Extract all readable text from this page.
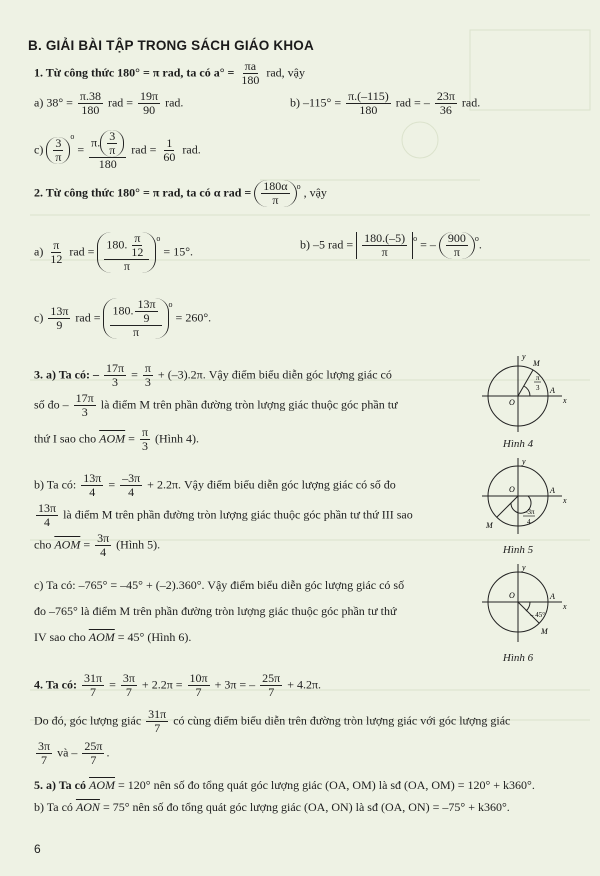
B. GIẢI BÀI TẬP TRONG SÁCH GIÁO KHOA
1. Từ công thức 180° = π rad, ta có $a^\circ = \frac{\pi a}{180}$ rad, vậy
a) $38^\circ = \frac{\pi.38}{180}$ rad = $\frac{19\pi}{90}$ rad.	b) $-115^\circ = \frac{\pi.(-115)}{180}$ rad = – $\frac{23\pi}{36}$ rad.
$c) \frac{3}{\pi}$
$^o = \frac{\pi. \frac{3}{\pi}}{180}$ rad = $\frac{1}{60}$ rad.
2. Từ công thức 180° = π rad, ta có α rad = $\frac{180\alpha}{\pi} ^o$ , vậy
$a) \frac{\pi}{12}$ rad = $\frac{180. \frac{\pi}{12}}{\pi} ^o = 15^\circ$.	b) –5 rad = $\frac{180.(-5)}{\pi} ^o$ = – $\frac{900}{\pi} ^o$.
$c) \frac{13\pi}{9}$ rad = $\frac{180. \frac{13\pi}{9}}{\pi} ^o = 260^\circ$.
3. a) Ta có: – $\frac{17\pi}{3} = \frac{\pi}{3} + (-3).2\pi$. Vậy điểm biểu diễn góc lượng giác có
số đo – $\frac{17\pi}{3}$ là điểm M trên phần đường tròn lượng giác thuộc góc phần tư
thứ I sao cho $\overline{AOM} = \frac{\pi}{3}$ (Hình 4).
b) Ta có: $\frac{13\pi}{4} = \frac{-3\pi}{4} + 2.2\pi$. Vậy điểm biểu diễn góc lượng giác có số đo
$\frac{13\pi}{4}$ là điểm M trên phần đường tròn lượng giác thuộc góc phần tư thứ III sao
cho $\overline{AOM} = \frac{3\pi}{4}$ (Hình 5).
c) Ta có: –765° = –45° + (–2).360°. Vậy điểm biểu diễn góc lượng giác có số
đo –765° là điểm M trên phần đường tròn lượng giác thuộc góc phần tư thứ
IV sao cho $\overline{AOM} = 45^\circ$ (Hình 6).
4. Ta có: $\frac{31\pi}{7} = \frac{3\pi}{7} + 2.2\pi = \frac{10\pi}{7} + 3\pi$ = – $\frac{25\pi}{7} + 4.2\pi$.
Do đó, góc lượng giác $\frac{31\pi}{7}$ có cùng điểm biểu diễn trên đường tròn lượng giác với góc lượng giác
$\frac{3\pi}{7}$ và – $\frac{25\pi}{7}$ .
5. a) Ta có $\overline{AOM} = 120^\circ$ nên số đo tổng quát góc lượng giác (OA, OM) là sđ (OA, OM) = 120° + k360°.
b) Ta có $\overline{AON} = 75^\circ$ nên số đo tổng quát góc lượng giác (OA, ON) là sđ (OA, ON) = –75° + k360°.
y
M
O
A
x
π
3
Hình 4
y
O	A
x
M
–3π
4
Hình 5
y
O	A
x
M
– 45°
Hình 6
6
